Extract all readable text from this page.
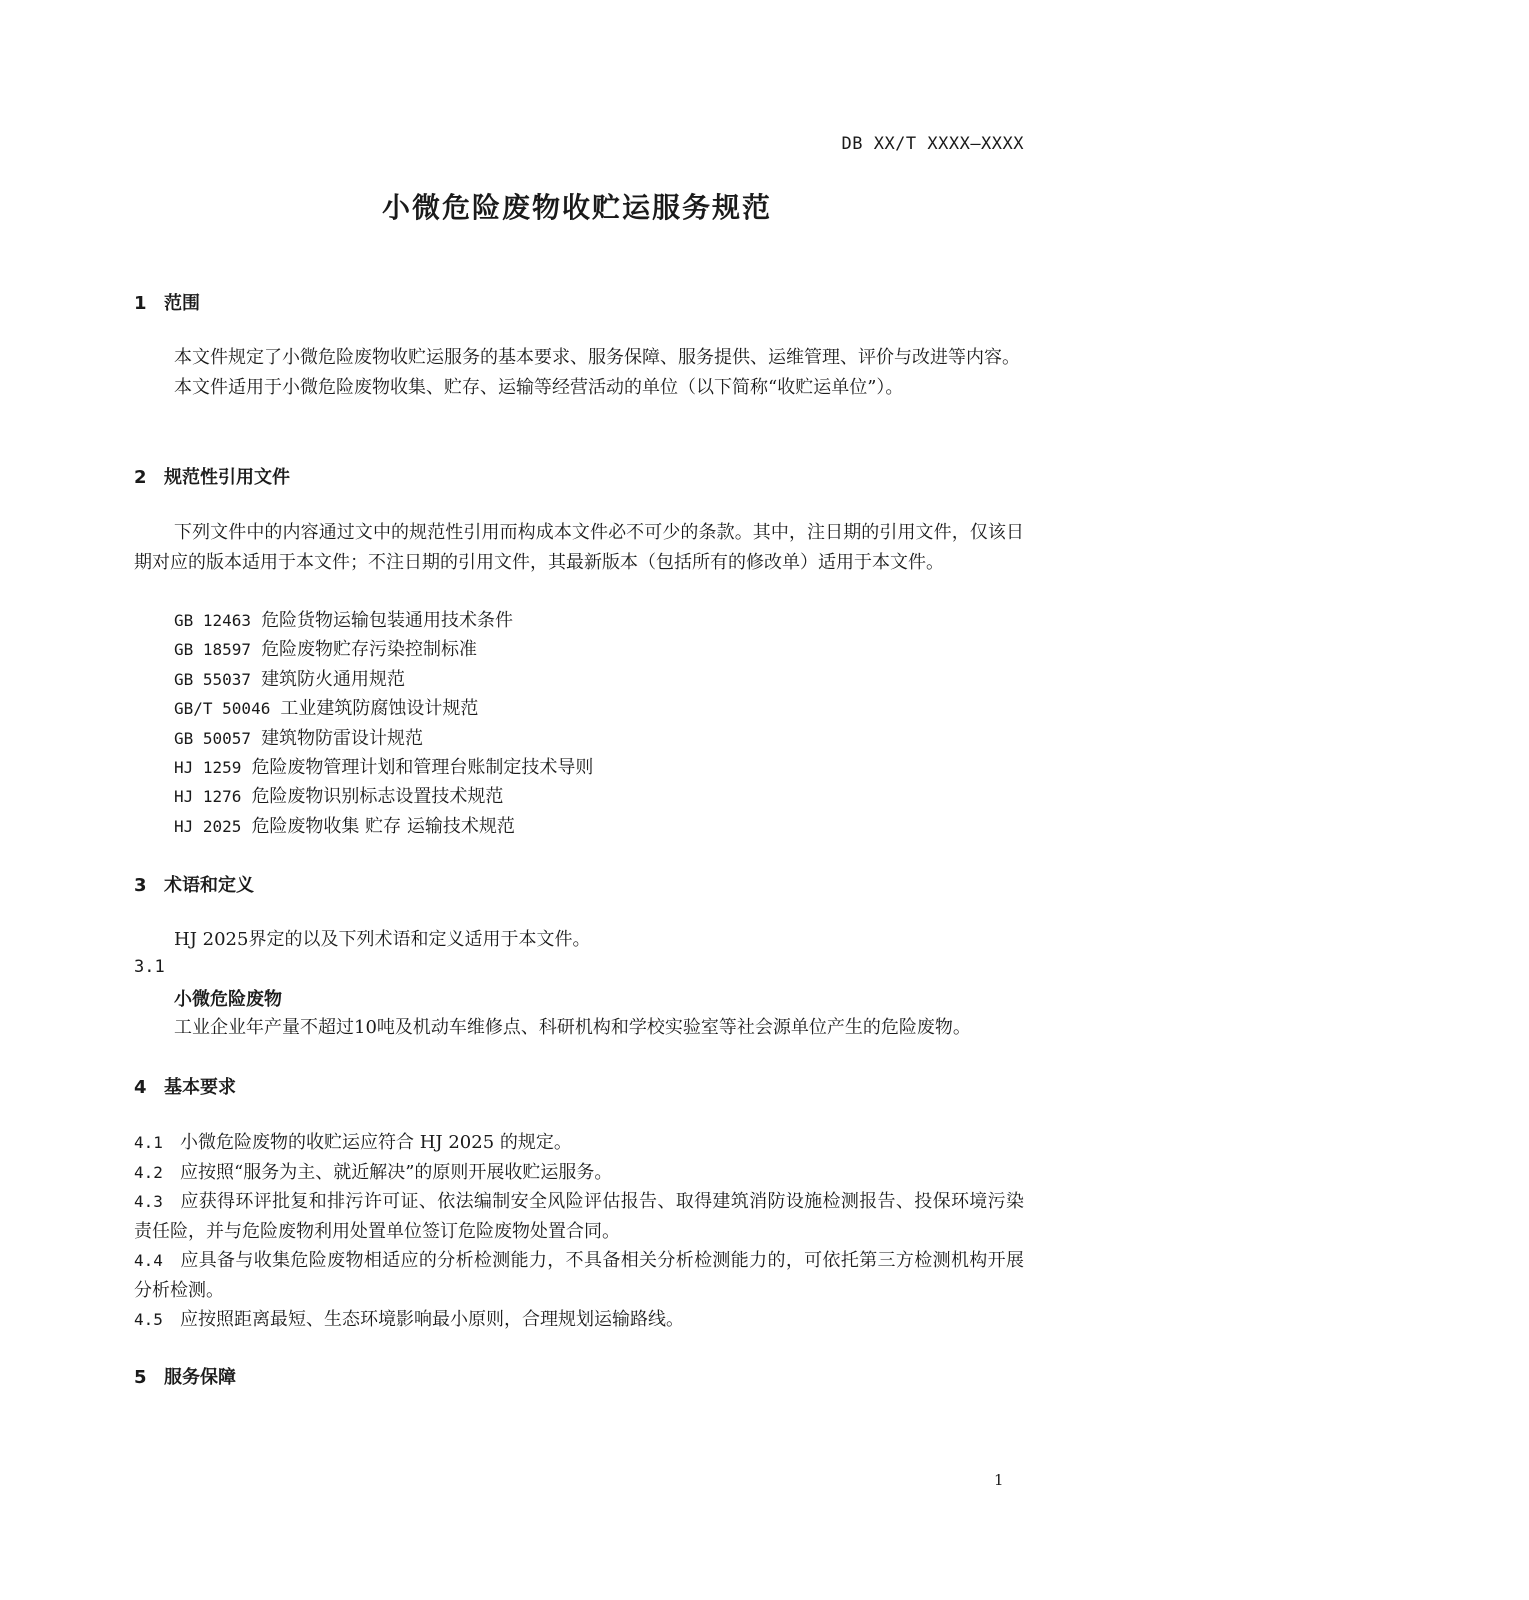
DB XX/T XXXX—XXXX
小微危险废物收贮运服务规范
1 范围

本文件规定了小微危险废物收贮运服务的基本要求、服务保障、服务提供、运维管理、评价与改进等内容。

本文件适用于小微危险废物收集、贮存、运输等经营活动的单位（以下简称“收贮运单位”）。

2 规范性引用文件

下列文件中的内容通过文中的规范性引用而构成本文件必不可少的条款。其中，注日期的引用文件，仅该日期对应的版本适用于本文件；不注日期的引用文件，其最新版本（包括所有的修改单）适用于本文件。

GB 12463 危险货物运输包装通用技术条件
GB 18597 危险废物贮存污染控制标准
GB 55037 建筑防火通用规范
GB/T 50046 工业建筑防腐蚀设计规范
GB 50057 建筑物防雷设计规范
HJ 1259 危险废物管理计划和管理台账制定技术导则
HJ 1276 危险废物识别标志设置技术规范
HJ 2025 危险废物收集 贮存 运输技术规范
3 术语和定义

HJ 2025界定的以及下列术语和定义适用于本文件。

3.1
小微危险废物
工业企业年产量不超过10吨及机动车维修点、科研机构和学校实验室等社会源单位产生的危险废物。
4 基本要求

4.1 小微危险废物的收贮运应符合 HJ 2025 的规定。

4.2 应按照“服务为主、就近解决”的原则开展收贮运服务。

4.3 应获得环评批复和排污许可证、依法编制安全风险评估报告、取得建筑消防设施检测报告、投保环境污染责任险，并与危险废物利用处置单位签订危险废物处置合同。

4.4 应具备与收集危险废物相适应的分析检测能力，不具备相关分析检测能力的，可依托第三方检测机构开展分析检测。

4.5 应按照距离最短、生态环境影响最小原则，合理规划运输路线。

5 服务保障
1
